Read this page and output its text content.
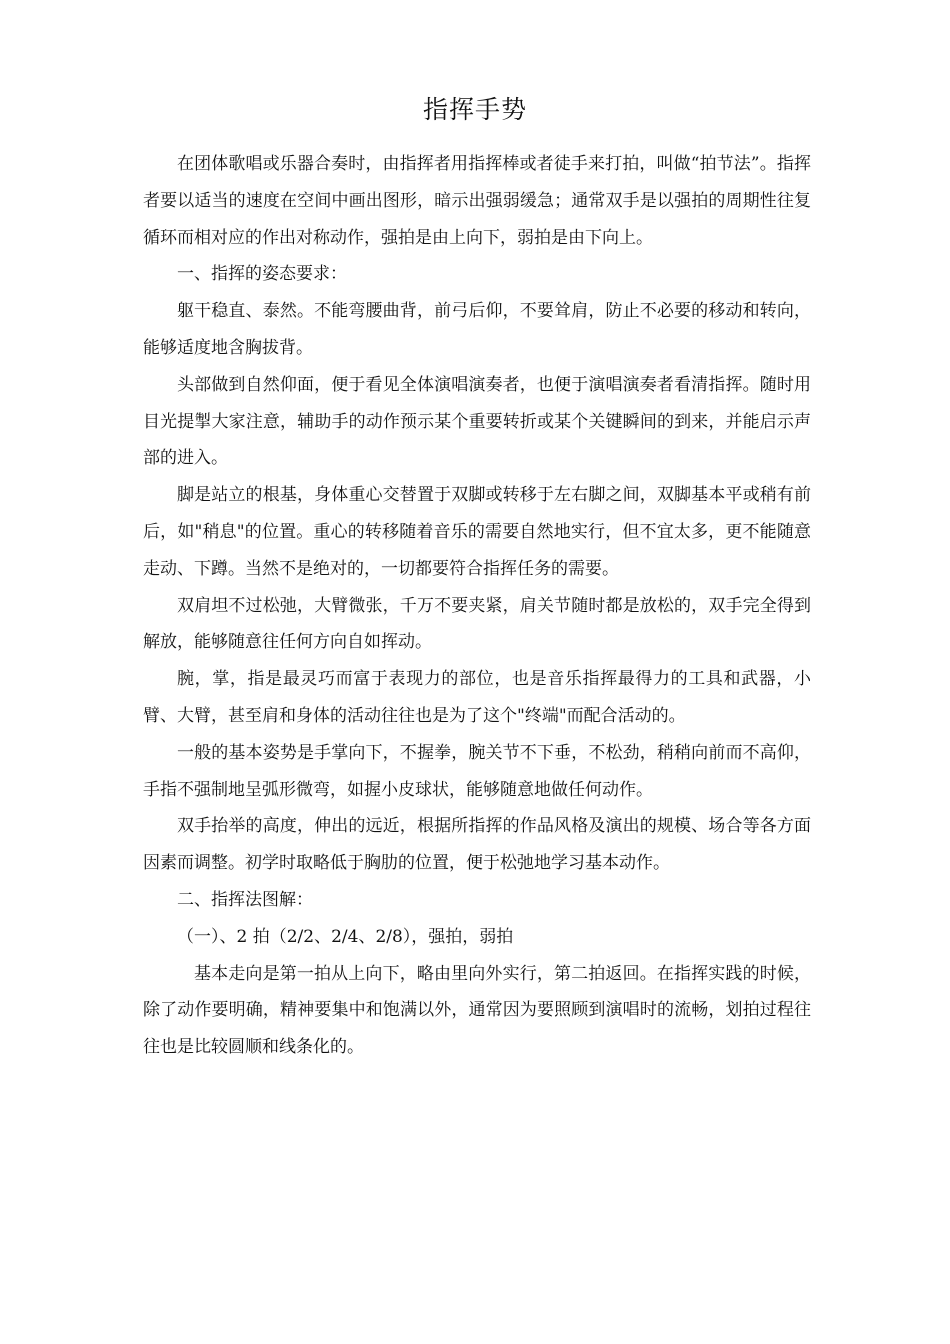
指挥手势

在团体歌唱或乐器合奏时，由指挥者用指挥棒或者徒手来打拍，叫做“拍节法”。指挥者要以适当的速度在空间中画出图形，暗示出强弱缓急；通常双手是以强拍的周期性往复循环而相对应的作出对称动作，强拍是由上向下，弱拍是由下向上。

一、指挥的姿态要求：

躯干稳直、泰然。不能弯腰曲背，前弓后仰，不要耸肩，防止不必要的移动和转向，能够适度地含胸拔背。

头部做到自然仰面，便于看见全体演唱演奏者，也便于演唱演奏者看清指挥。随时用目光提掣大家注意，辅助手的动作预示某个重要转折或某个关键瞬间的到来，并能启示声部的进入。

脚是站立的根基，身体重心交替置于双脚或转移于左右脚之间，双脚基本平或稍有前后，如"稍息"的位置。重心的转移随着音乐的需要自然地实行，但不宜太多，更不能随意走动、下蹲。当然不是绝对的，一切都要符合指挥任务的需要。

双肩坦不过松弛，大臂微张，千万不要夹紧，肩关节随时都是放松的，双手完全得到解放，能够随意往任何方向自如挥动。

腕，掌，指是最灵巧而富于表现力的部位，也是音乐指挥最得力的工具和武器，小臂、大臂，甚至肩和身体的活动往往也是为了这个"终端"而配合活动的。

一般的基本姿势是手掌向下，不握拳，腕关节不下垂，不松劲，稍稍向前而不高仰，手指不强制地呈弧形微弯，如握小皮球状，能够随意地做任何动作。

双手抬举的高度，伸出的远近，根据所指挥的作品风格及演出的规模、场合等各方面因素而调整。初学时取略低于胸肋的位置，便于松弛地学习基本动作。

二、指挥法图解：

（一）、2 拍（2/2、2/4、2/8），强拍，弱拍

基本走向是第一拍从上向下，略由里向外实行，第二拍返回。在指挥实践的时候，除了动作要明确，精神要集中和饱满以外，通常因为要照顾到演唱时的流畅，划拍过程往往也是比较圆顺和线条化的。
